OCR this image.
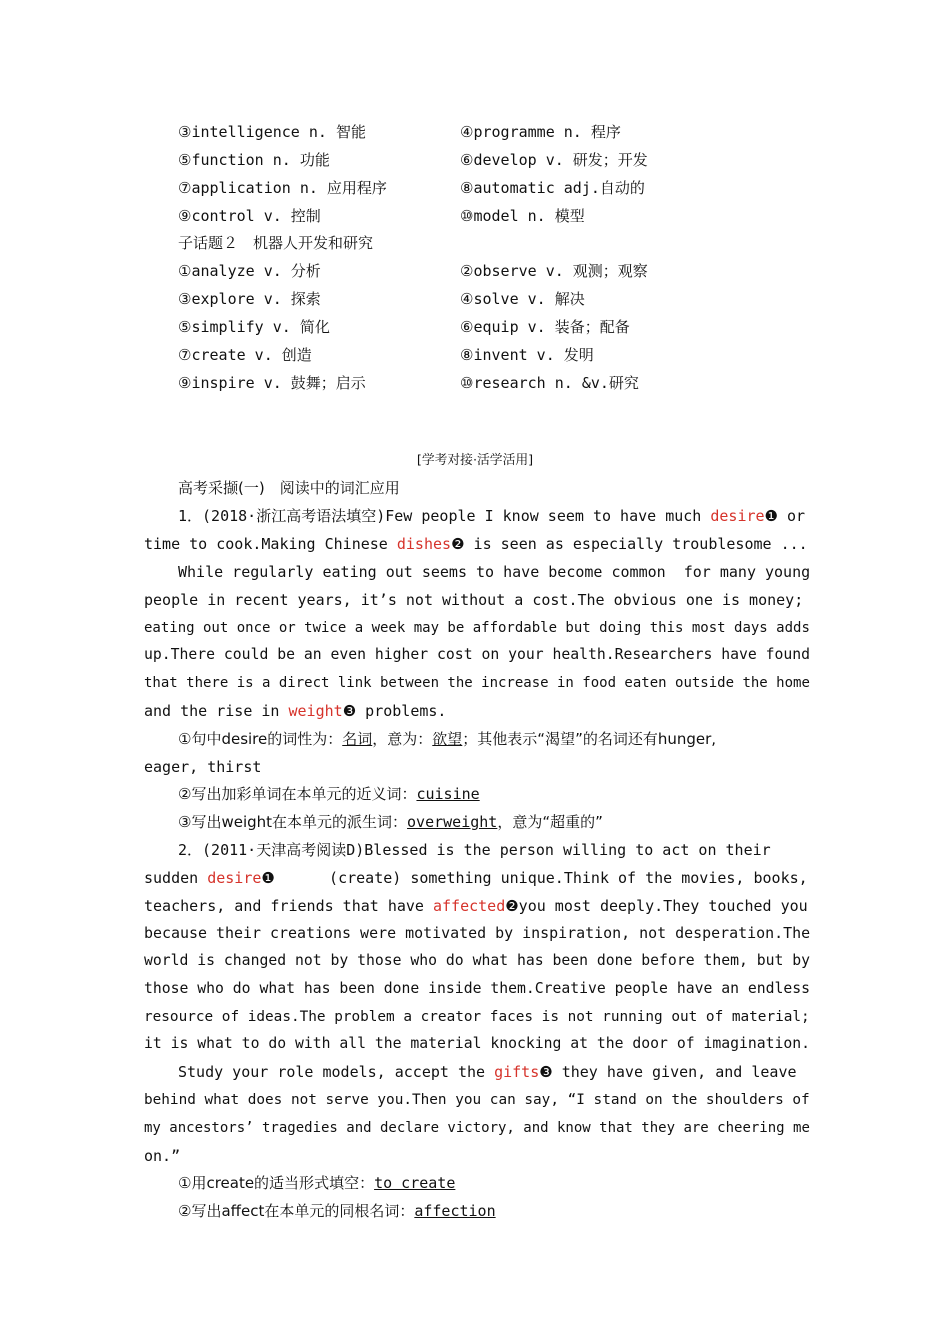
③intelligence n. 智能	④programme n. 程序
⑤function n. 功能	⑥develop v. 研发；开发
⑦application n. 应用程序	⑧automatic adj.自动的
⑨control v. 控制	⑩model n. 模型
子话题２　机器人开发和研究
①analyze v. 分析	②observe v. 观测；观察
③explore v. 探索	④solve v. 解决
⑤simplify v. 简化	⑥equip v. 装备；配备
⑦create v. 创造	⑧invent v. 发明
⑨inspire v. 鼓舞；启示	⑩research n. &v.研究
[学考对接·活学活用]
高考采撷(一)　阅读中的词汇应用
1．(2018·浙江高考语法填空)Few people I know seem to have much desire❶ or
time to cook.Making Chinese dishes❷ is seen as especially troublesome ...
While regularly eating out seems to have become common  for many young
people in recent years, it’s not without a cost.The obvious one is money;
eating out once or twice a week may be affordable but doing this most days adds
up.There could be an even higher cost on your health.Researchers have found
that there is a direct link between the increase in food eaten outside the home
and the rise in weight❸ problems.
①句中desire的词性为：名词，意为：欲望；其他表示“渴望”的名词还有hunger,
eager, thirst
②写出加彩单词在本单元的近义词：cuisine
③写出weight在本单元的派生词：overweight，意为“超重的”
2．(2011·天津高考阅读D)Blessed is the person willing to act on their
sudden desire❶      (create) something unique.Think of the movies, books,
teachers, and friends that have affected❷you most deeply.They touched you
because their creations were motivated by inspiration, not desperation.The
world is changed not by those who do what has been done before them, but by
those who do what has been done inside them.Creative people have an endless
resource of ideas.The problem a creator faces is not running out of material;
it is what to do with all the material knocking at the door of imagination.
Study your role models, accept the gifts❸ they have given, and leave
behind what does not serve you.Then you can say, “I stand on the shoulders of
my ancestors’ tragedies and declare victory, and know that they are cheering me
on.”
①用create的适当形式填空：to create
②写出affect在本单元的同根名词：affection
